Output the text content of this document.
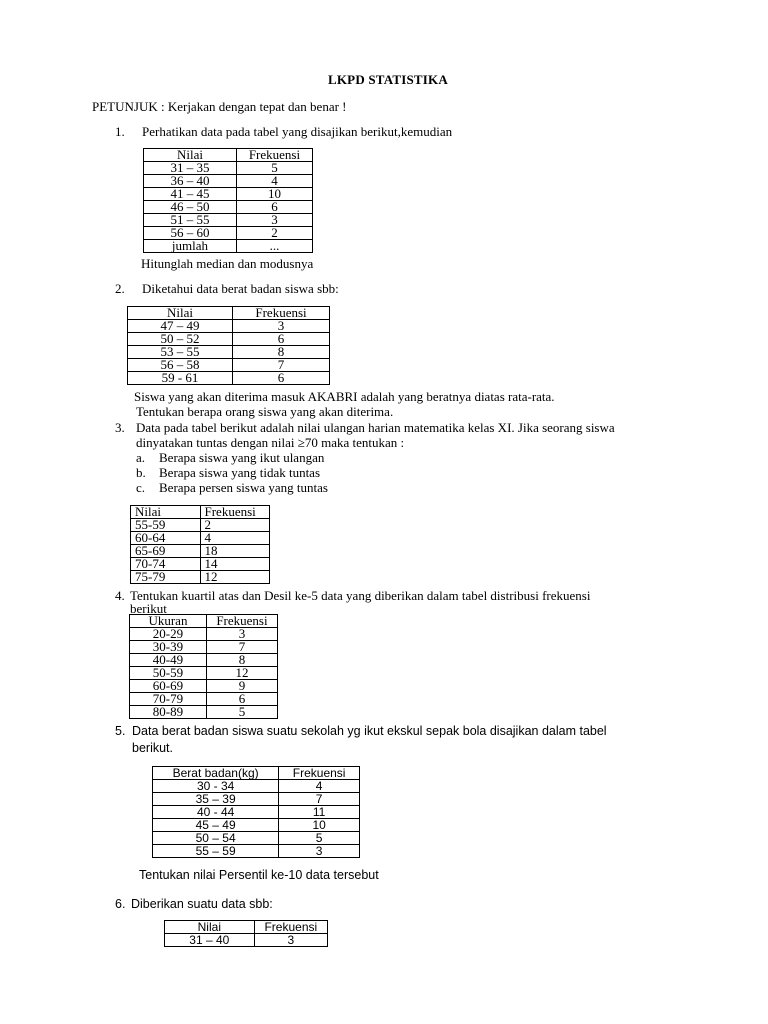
LKPD STATISTIKA
PETUNJUK : Kerjakan dengan tepat dan benar !
1. Perhatikan data pada tabel yang disajikan berikut,kemudian
Nilai	Frekuensi
31 – 35	5
36 – 40	4
41 – 45	10
46 – 50	6
51 – 55	3
56 – 60	2
jumlah	...
Hitunglah median dan modusnya
2. Diketahui data berat badan siswa sbb:
Nilai	Frekuensi
47 – 49	3
50 – 52	6
53 – 55	8
56 – 58	7
59 - 61	6
Siswa yang akan diterima masuk AKABRI adalah yang beratnya diatas rata-rata.
Tentukan berapa orang siswa yang akan diterima.
3. Data pada tabel berikut adalah nilai ulangan harian matematika kelas XI. Jika seorang siswa
dinyatakan tuntas dengan nilai ≥70 maka tentukan :
a. Berapa siswa yang ikut ulangan
b. Berapa siswa yang tidak tuntas
c. Berapa persen siswa yang tuntas
Nilai	Frekuensi
55-59	2
60-64	4
65-69	18
70-74	14
75-79	12
4. Tentukan kuartil atas dan Desil ke-5 data yang diberikan dalam tabel distribusi frekuensi
berikut
Ukuran	Frekuensi
20-29	3
30-39	7
40-49	8
50-59	12
60-69	9
70-79	6
80-89	5
5. Data berat badan siswa suatu sekolah yg ikut ekskul sepak bola disajikan dalam tabel
berikut.
Berat badan(kg)	Frekuensi
30 - 34	4
35 – 39	7
40 - 44	11
45 – 49	10
50 – 54	5
55 – 59	3
Tentukan nilai Persentil ke-10 data tersebut
6. Diberikan suatu data sbb:
Nilai	Frekuensi
31 – 40	3
